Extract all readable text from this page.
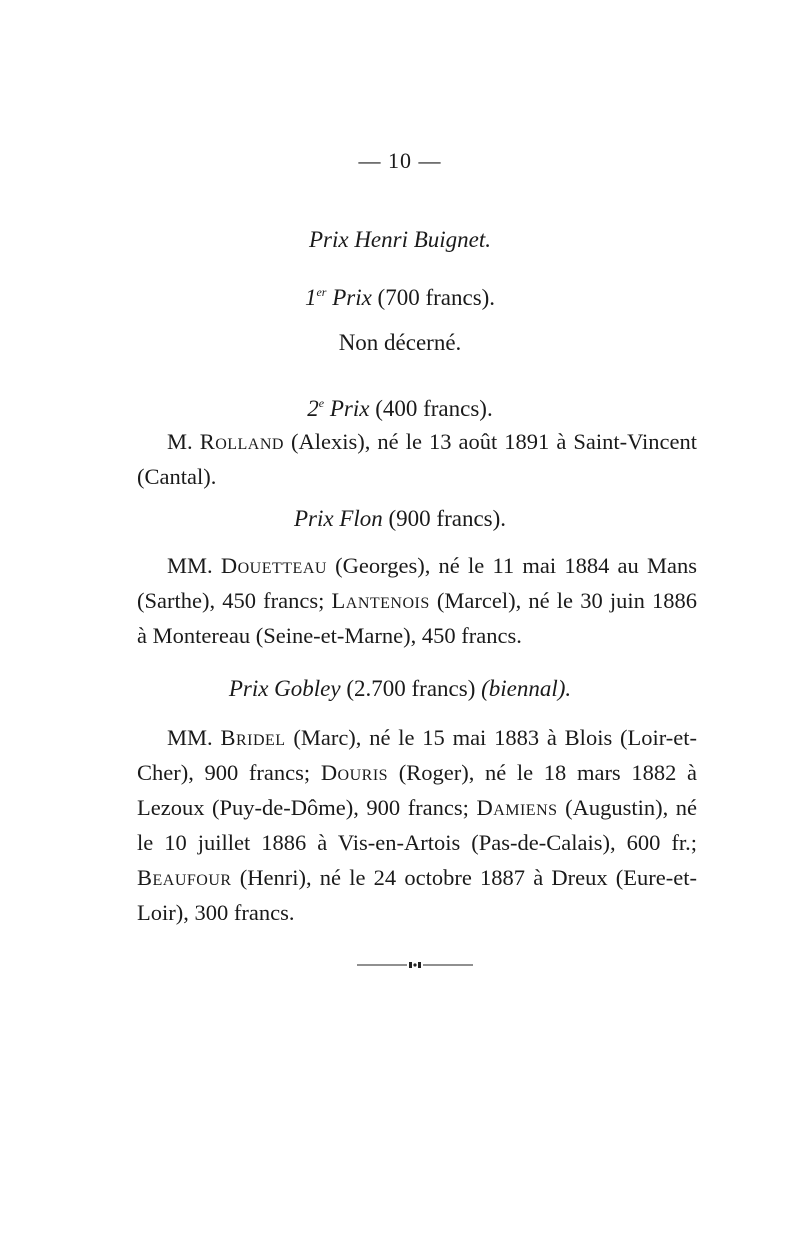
— 10 —
Prix Henri Buignet.
1er Prix (700 francs).
Non décerné.
2e Prix (400 francs).

M. Rolland (Alexis), né le 13 août 1891 à Saint-Vincent (Cantal).

Prix Flon (900 francs).

MM. Douetteau (Georges), né le 11 mai 1884 au Mans (Sarthe), 450 francs; Lantenois (Marcel), né le 30 juin 1886 à Montereau (Seine-et-Marne), 450 francs.

Prix Gobley (2.700 francs) (biennal).

MM. Bridel (Marc), né le 15 mai 1883 à Blois (Loir-et-Cher), 900 francs; Douris (Roger), né le 18 mars 1882 à Lezoux (Puy-de-Dôme), 900 francs; Damiens (Augustin), né le 10 juillet 1886 à Vis-en-Artois (Pas-de-Calais), 600 fr.; Beaufour (Henri), né le 24 octobre 1887 à Dreux (Eure-et-Loir), 300 francs.
